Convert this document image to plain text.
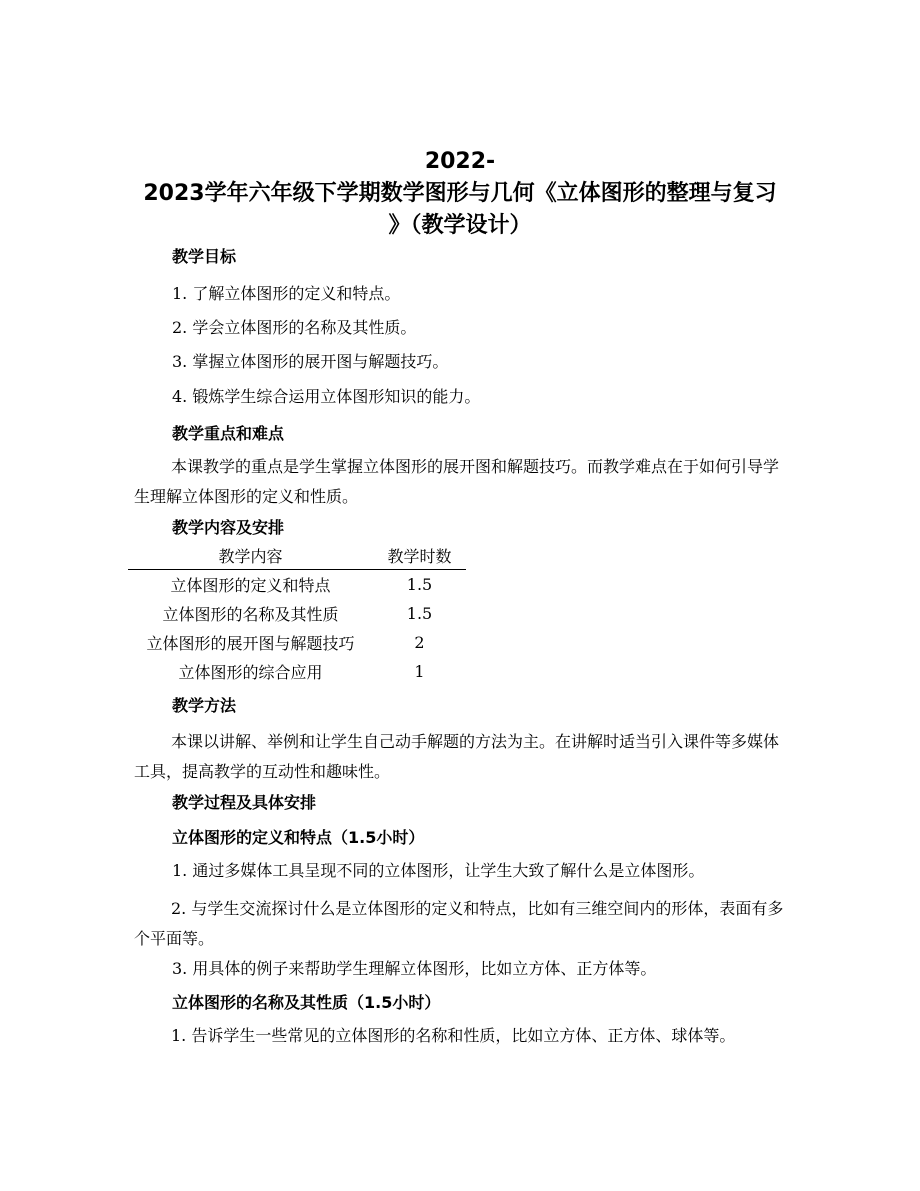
2022-
2023学年六年级下学期数学图形与几何《立体图形的整理与复习
》（教学设计）
教学目标
1. 了解立体图形的定义和特点。
2. 学会立体图形的名称及其性质。
3. 掌握立体图形的展开图与解题技巧。
4. 锻炼学生综合运用立体图形知识的能力。
教学重点和难点
本课教学的重点是学生掌握立体图形的展开图和解题技巧。而教学难点在于如何引导学生理解立体图形的定义和性质。
教学内容及安排
教学内容	教学时数
立体图形的定义和特点	1.5
立体图形的名称及其性质	1.5
立体图形的展开图与解题技巧	2
立体图形的综合应用	1
教学方法
本课以讲解、举例和让学生自己动手解题的方法为主。在讲解时适当引入课件等多媒体工具，提高教学的互动性和趣味性。
教学过程及具体安排
立体图形的定义和特点（1.5小时）
1. 通过多媒体工具呈现不同的立体图形，让学生大致了解什么是立体图形。
2. 与学生交流探讨什么是立体图形的定义和特点，比如有三维空间内的形体，表面有多个平面等。
3. 用具体的例子来帮助学生理解立体图形，比如立方体、正方体等。
立体图形的名称及其性质（1.5小时）
1. 告诉学生一些常见的立体图形的名称和性质，比如立方体、正方体、球体等。
